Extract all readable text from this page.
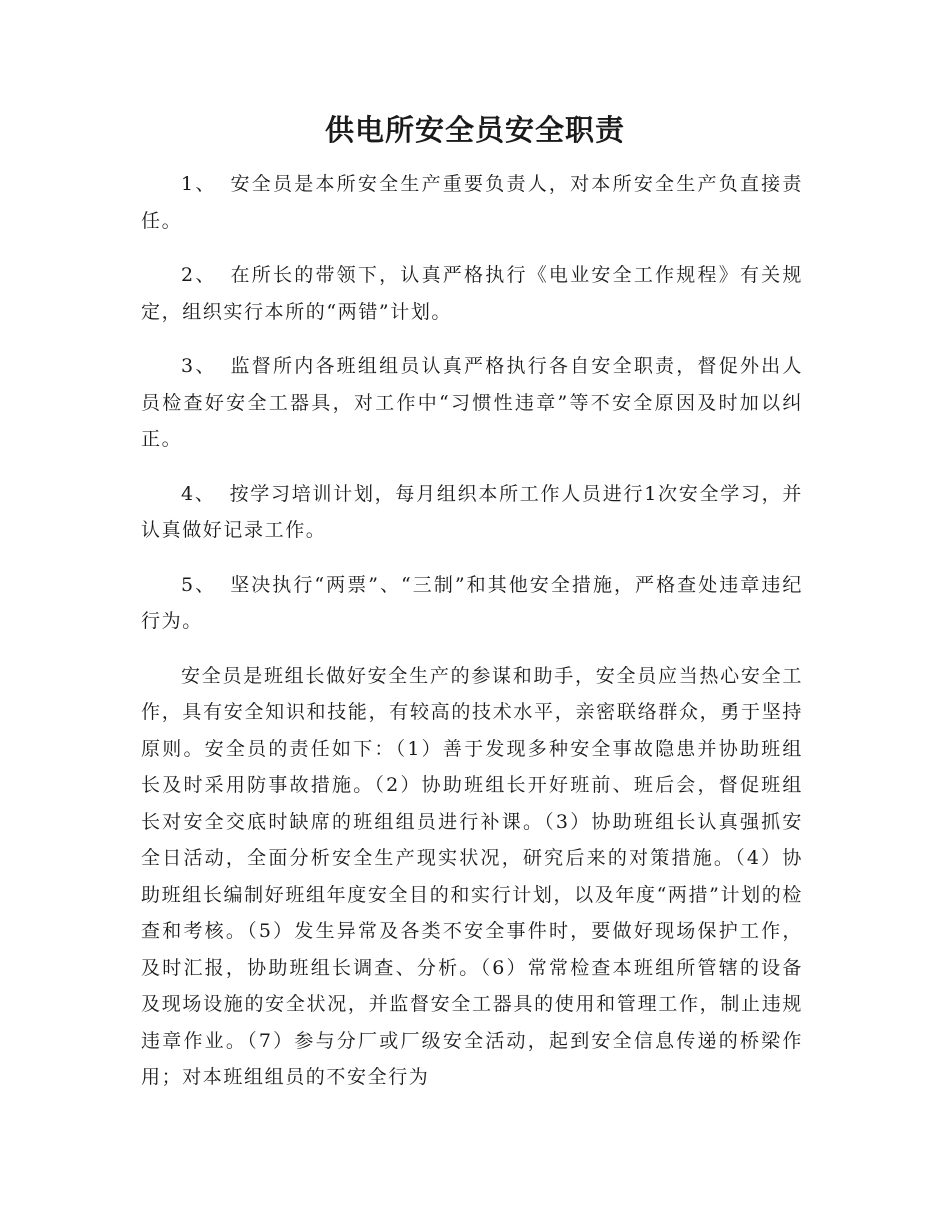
供电所安全员安全职责

1、 安全员是本所安全生产重要负责人，对本所安全生产负直接责任。

2、 在所长的带领下，认真严格执行《电业安全工作规程》有关规定，组织实行本所的“两错”计划。

3、 监督所内各班组组员认真严格执行各自安全职责，督促外出人员检查好安全工器具，对工作中“习惯性违章”等不安全原因及时加以纠正。

4、 按学习培训计划，每月组织本所工作人员进行1次安全学习，并认真做好记录工作。

5、 坚决执行“两票”、“三制”和其他安全措施，严格查处违章违纪行为。

安全员是班组长做好安全生产的参谋和助手，安全员应当热心安全工作，具有安全知识和技能，有较高的技术水平，亲密联络群众，勇于坚持原则。安全员的责任如下：（1）善于发现多种安全事故隐患并协助班组长及时采用防事故措施。（2）协助班组长开好班前、班后会，督促班组长对安全交底时缺席的班组组员进行补课。（3）协助班组长认真强抓安全日活动，全面分析安全生产现实状况，研究后来的对策措施。（4）协助班组长编制好班组年度安全目的和实行计划，以及年度“两措”计划的检查和考核。（5）发生异常及各类不安全事件时，要做好现场保护工作，及时汇报，协助班组长调查、分析。（6）常常检查本班组所管辖的设备及现场设施的安全状况，并监督安全工器具的使用和管理工作，制止违规违章作业。（7）参与分厂或厂级安全活动，起到安全信息传递的桥梁作用；对本班组组员的不安全行为
